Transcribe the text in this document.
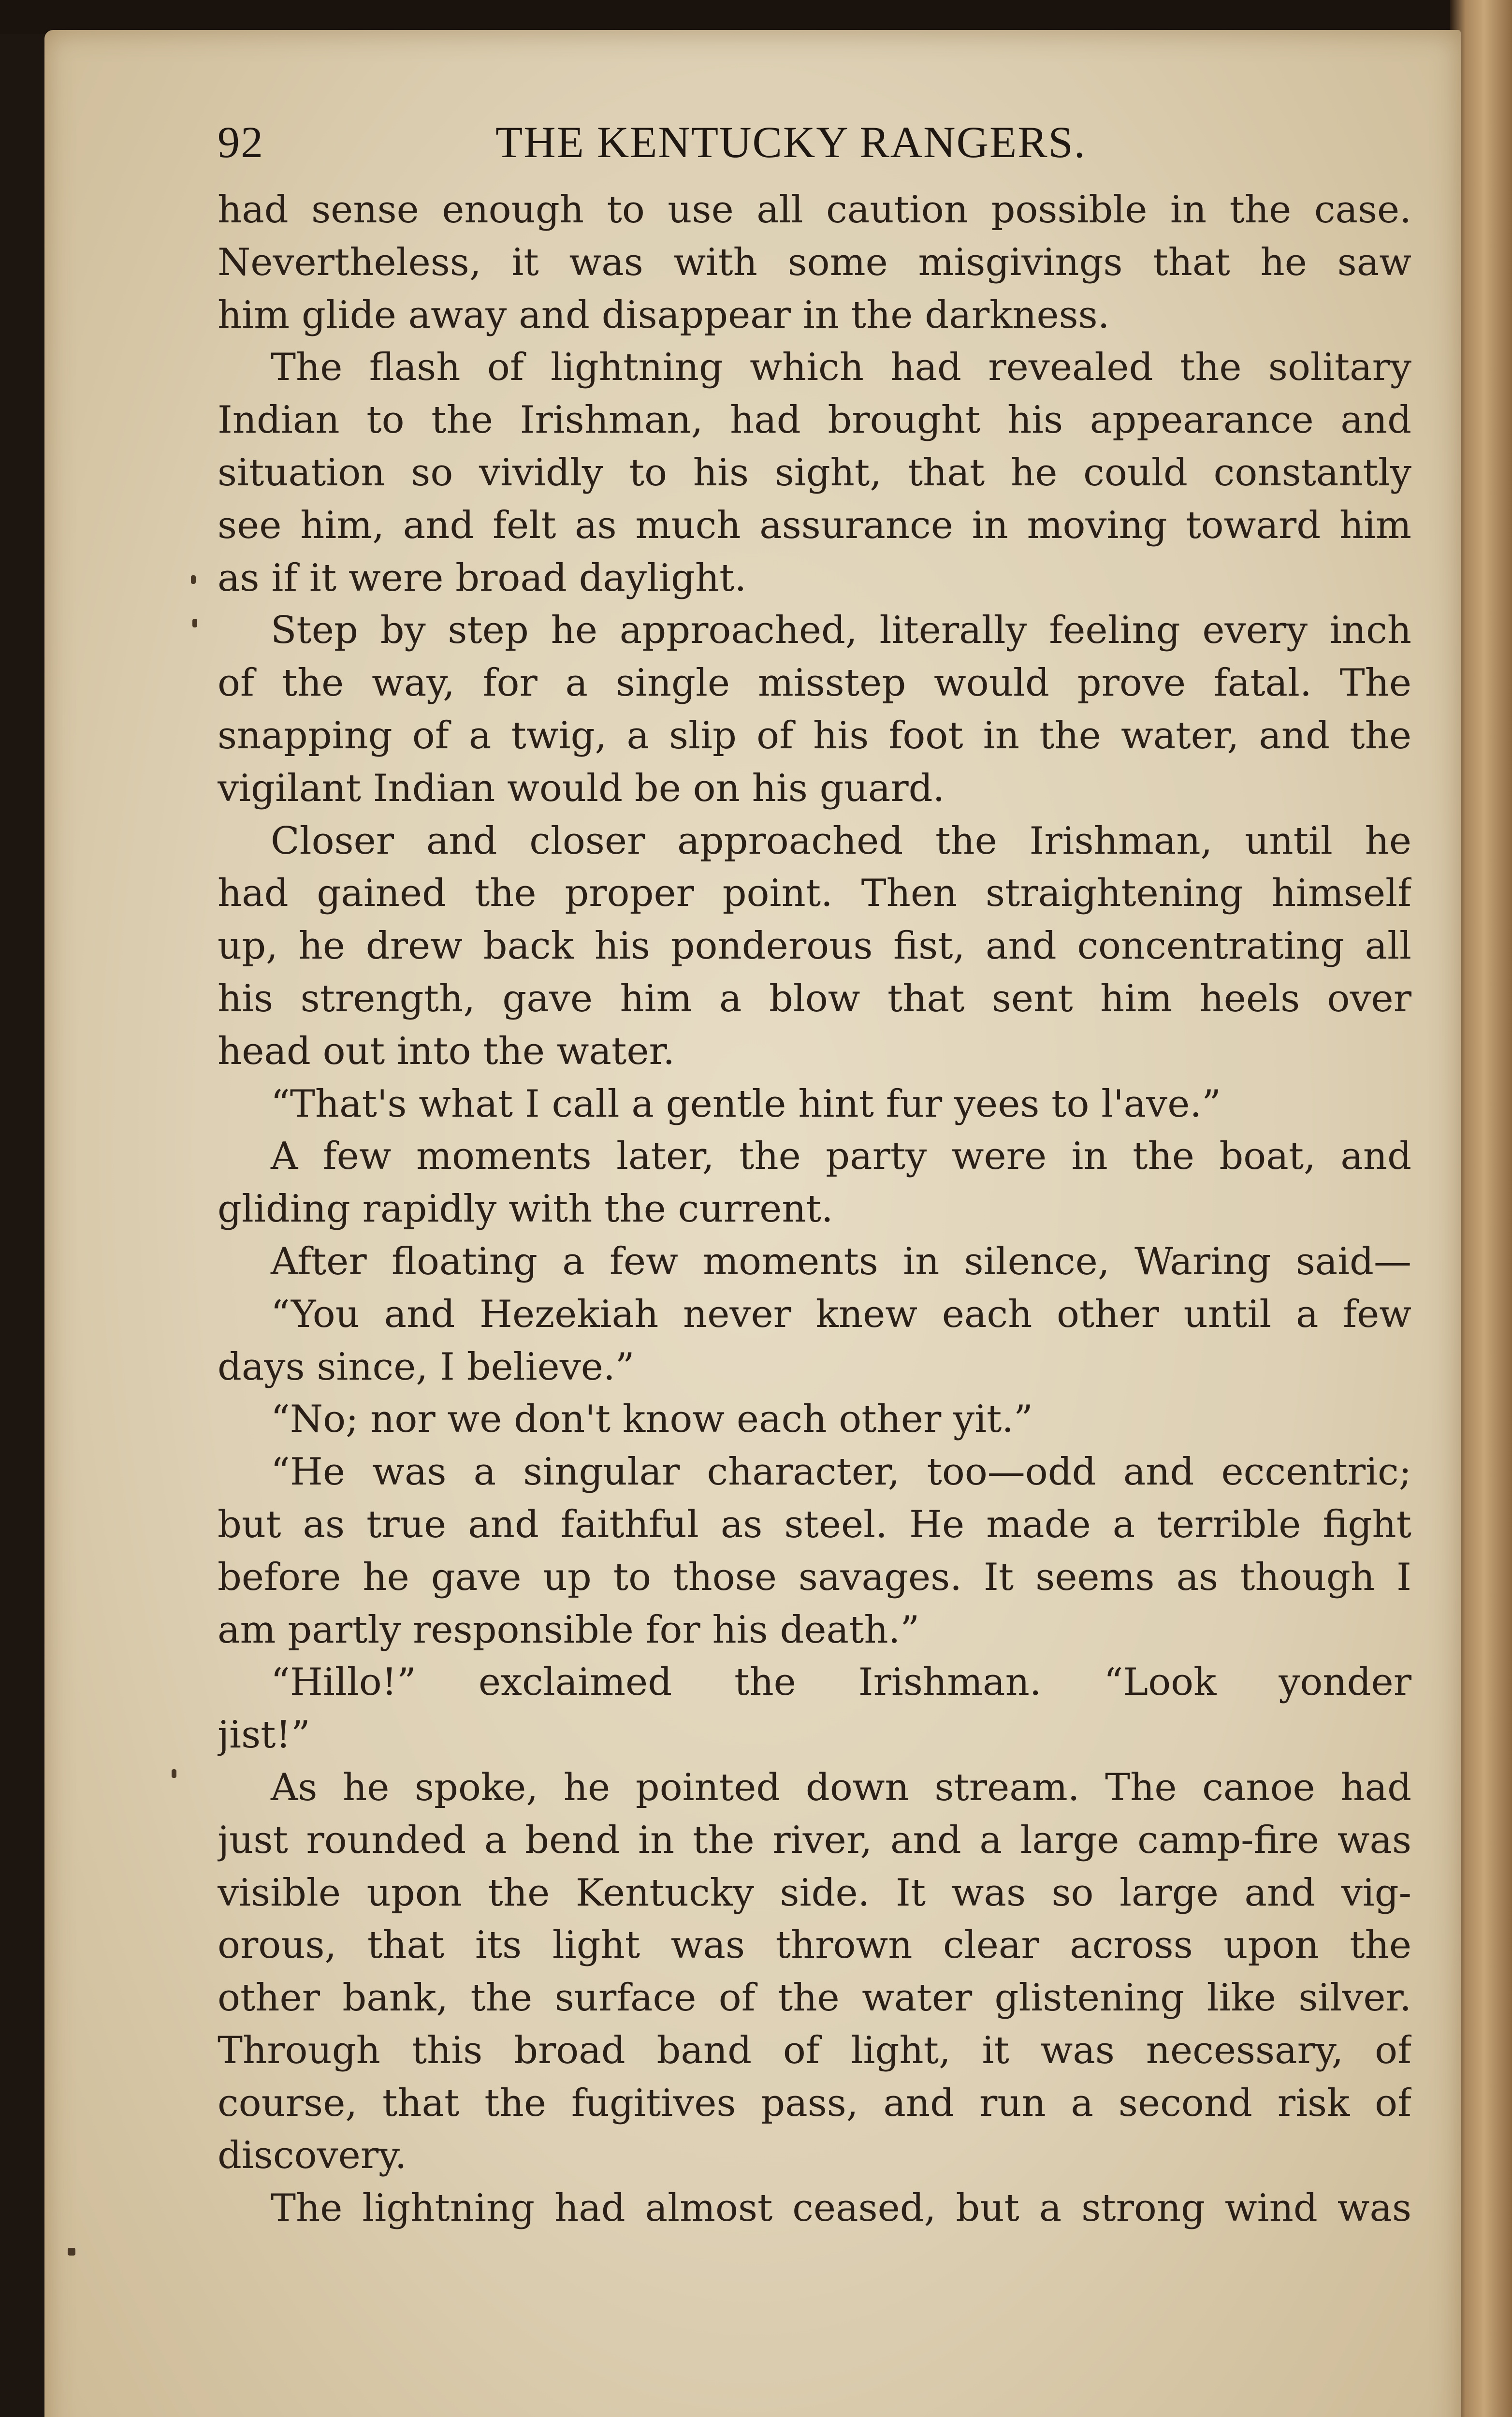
92	THE KENTUCKY RANGERS.
had sense enough to use all caution possible in the case.
Nevertheless, it was with some misgivings that he saw
him glide away and disappear in the darkness.
The flash of lightning which had revealed the solitary
Indian to the Irishman, had brought his appearance and
situation so vividly to his sight, that he could constantly
see him, and felt as much assurance in moving toward him
as if it were broad daylight.
Step by step he approached, literally feeling every inch
of the way, for a single misstep would prove fatal. The
snapping of a twig, a slip of his foot in the water, and the
vigilant Indian would be on his guard.
Closer and closer approached the Irishman, until he
had gained the proper point. Then straightening himself
up, he drew back his ponderous fist, and concentrating all
his strength, gave him a blow that sent him heels over
head out into the water.
“That's what I call a gentle hint fur yees to l'ave.”
A few moments later, the party were in the boat, and
gliding rapidly with the current.
After floating a few moments in silence, Waring said—
“You and Hezekiah never knew each other until a few
days since, I believe.”
“No; nor we don't know each other yit.”
“He was a singular character, too—odd and eccentric;
but as true and faithful as steel. He made a terrible fight
before he gave up to those savages. It seems as though I
am partly responsible for his death.”
“Hillo!” exclaimed the Irishman. “Look yonder
jist!”
As he spoke, he pointed down stream. The canoe had
just rounded a bend in the river, and a large camp-fire was
visible upon the Kentucky side. It was so large and vig-
orous, that its light was thrown clear across upon the
other bank, the surface of the water glistening like silver.
Through this broad band of light, it was necessary, of
course, that the fugitives pass, and run a second risk of
discovery.
The lightning had almost ceased, but a strong wind was
